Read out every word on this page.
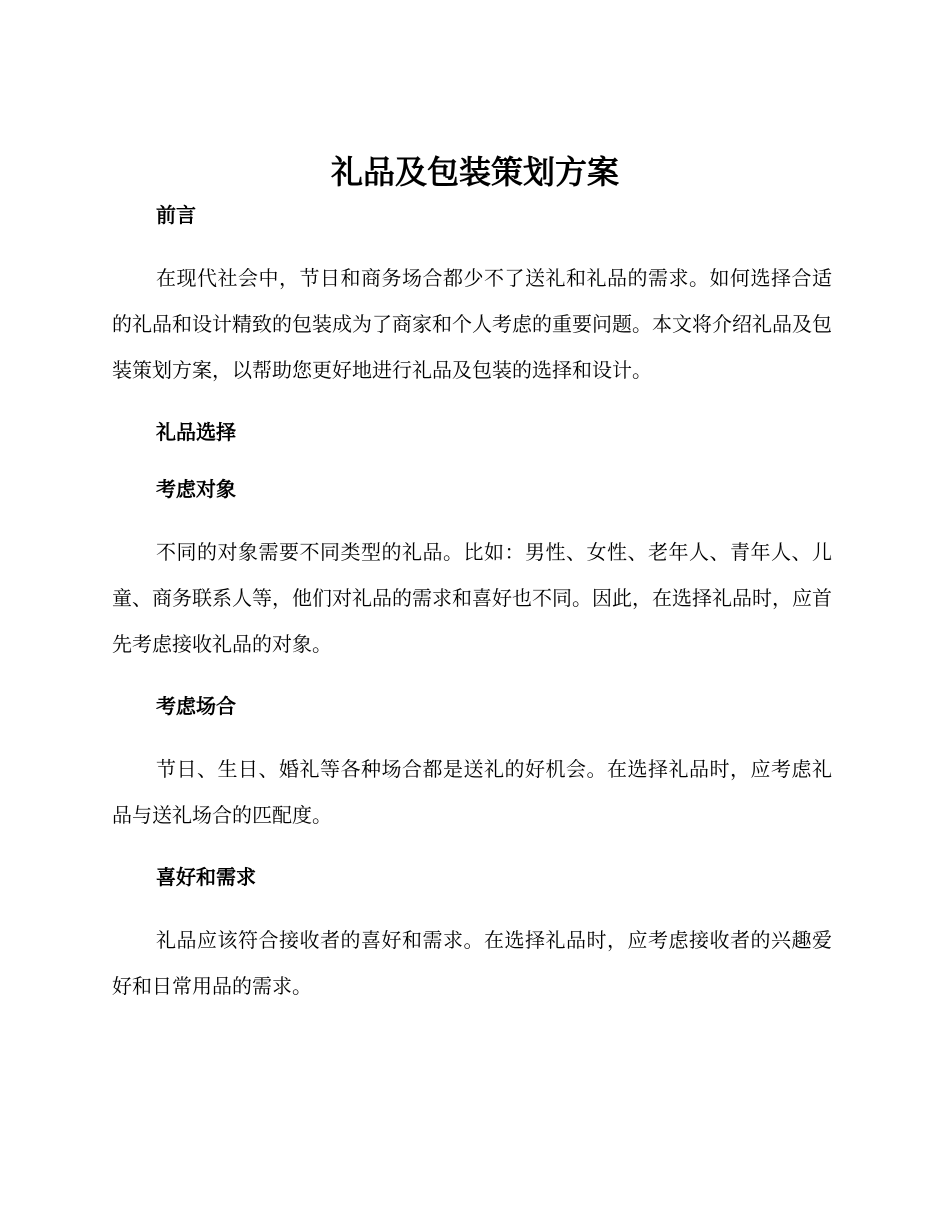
礼品及包装策划方案

前言

在现代社会中，节日和商务场合都少不了送礼和礼品的需求。如何选择合适的礼品和设计精致的包装成为了商家和个人考虑的重要问题。本文将介绍礼品及包装策划方案，以帮助您更好地进行礼品及包装的选择和设计。

礼品选择

考虑对象

不同的对象需要不同类型的礼品。比如：男性、女性、老年人、青年人、儿童、商务联系人等，他们对礼品的需求和喜好也不同。因此，在选择礼品时，应首先考虑接收礼品的对象。

考虑场合

节日、生日、婚礼等各种场合都是送礼的好机会。在选择礼品时，应考虑礼品与送礼场合的匹配度。

喜好和需求

礼品应该符合接收者的喜好和需求。在选择礼品时，应考虑接收者的兴趣爱好和日常用品的需求。
